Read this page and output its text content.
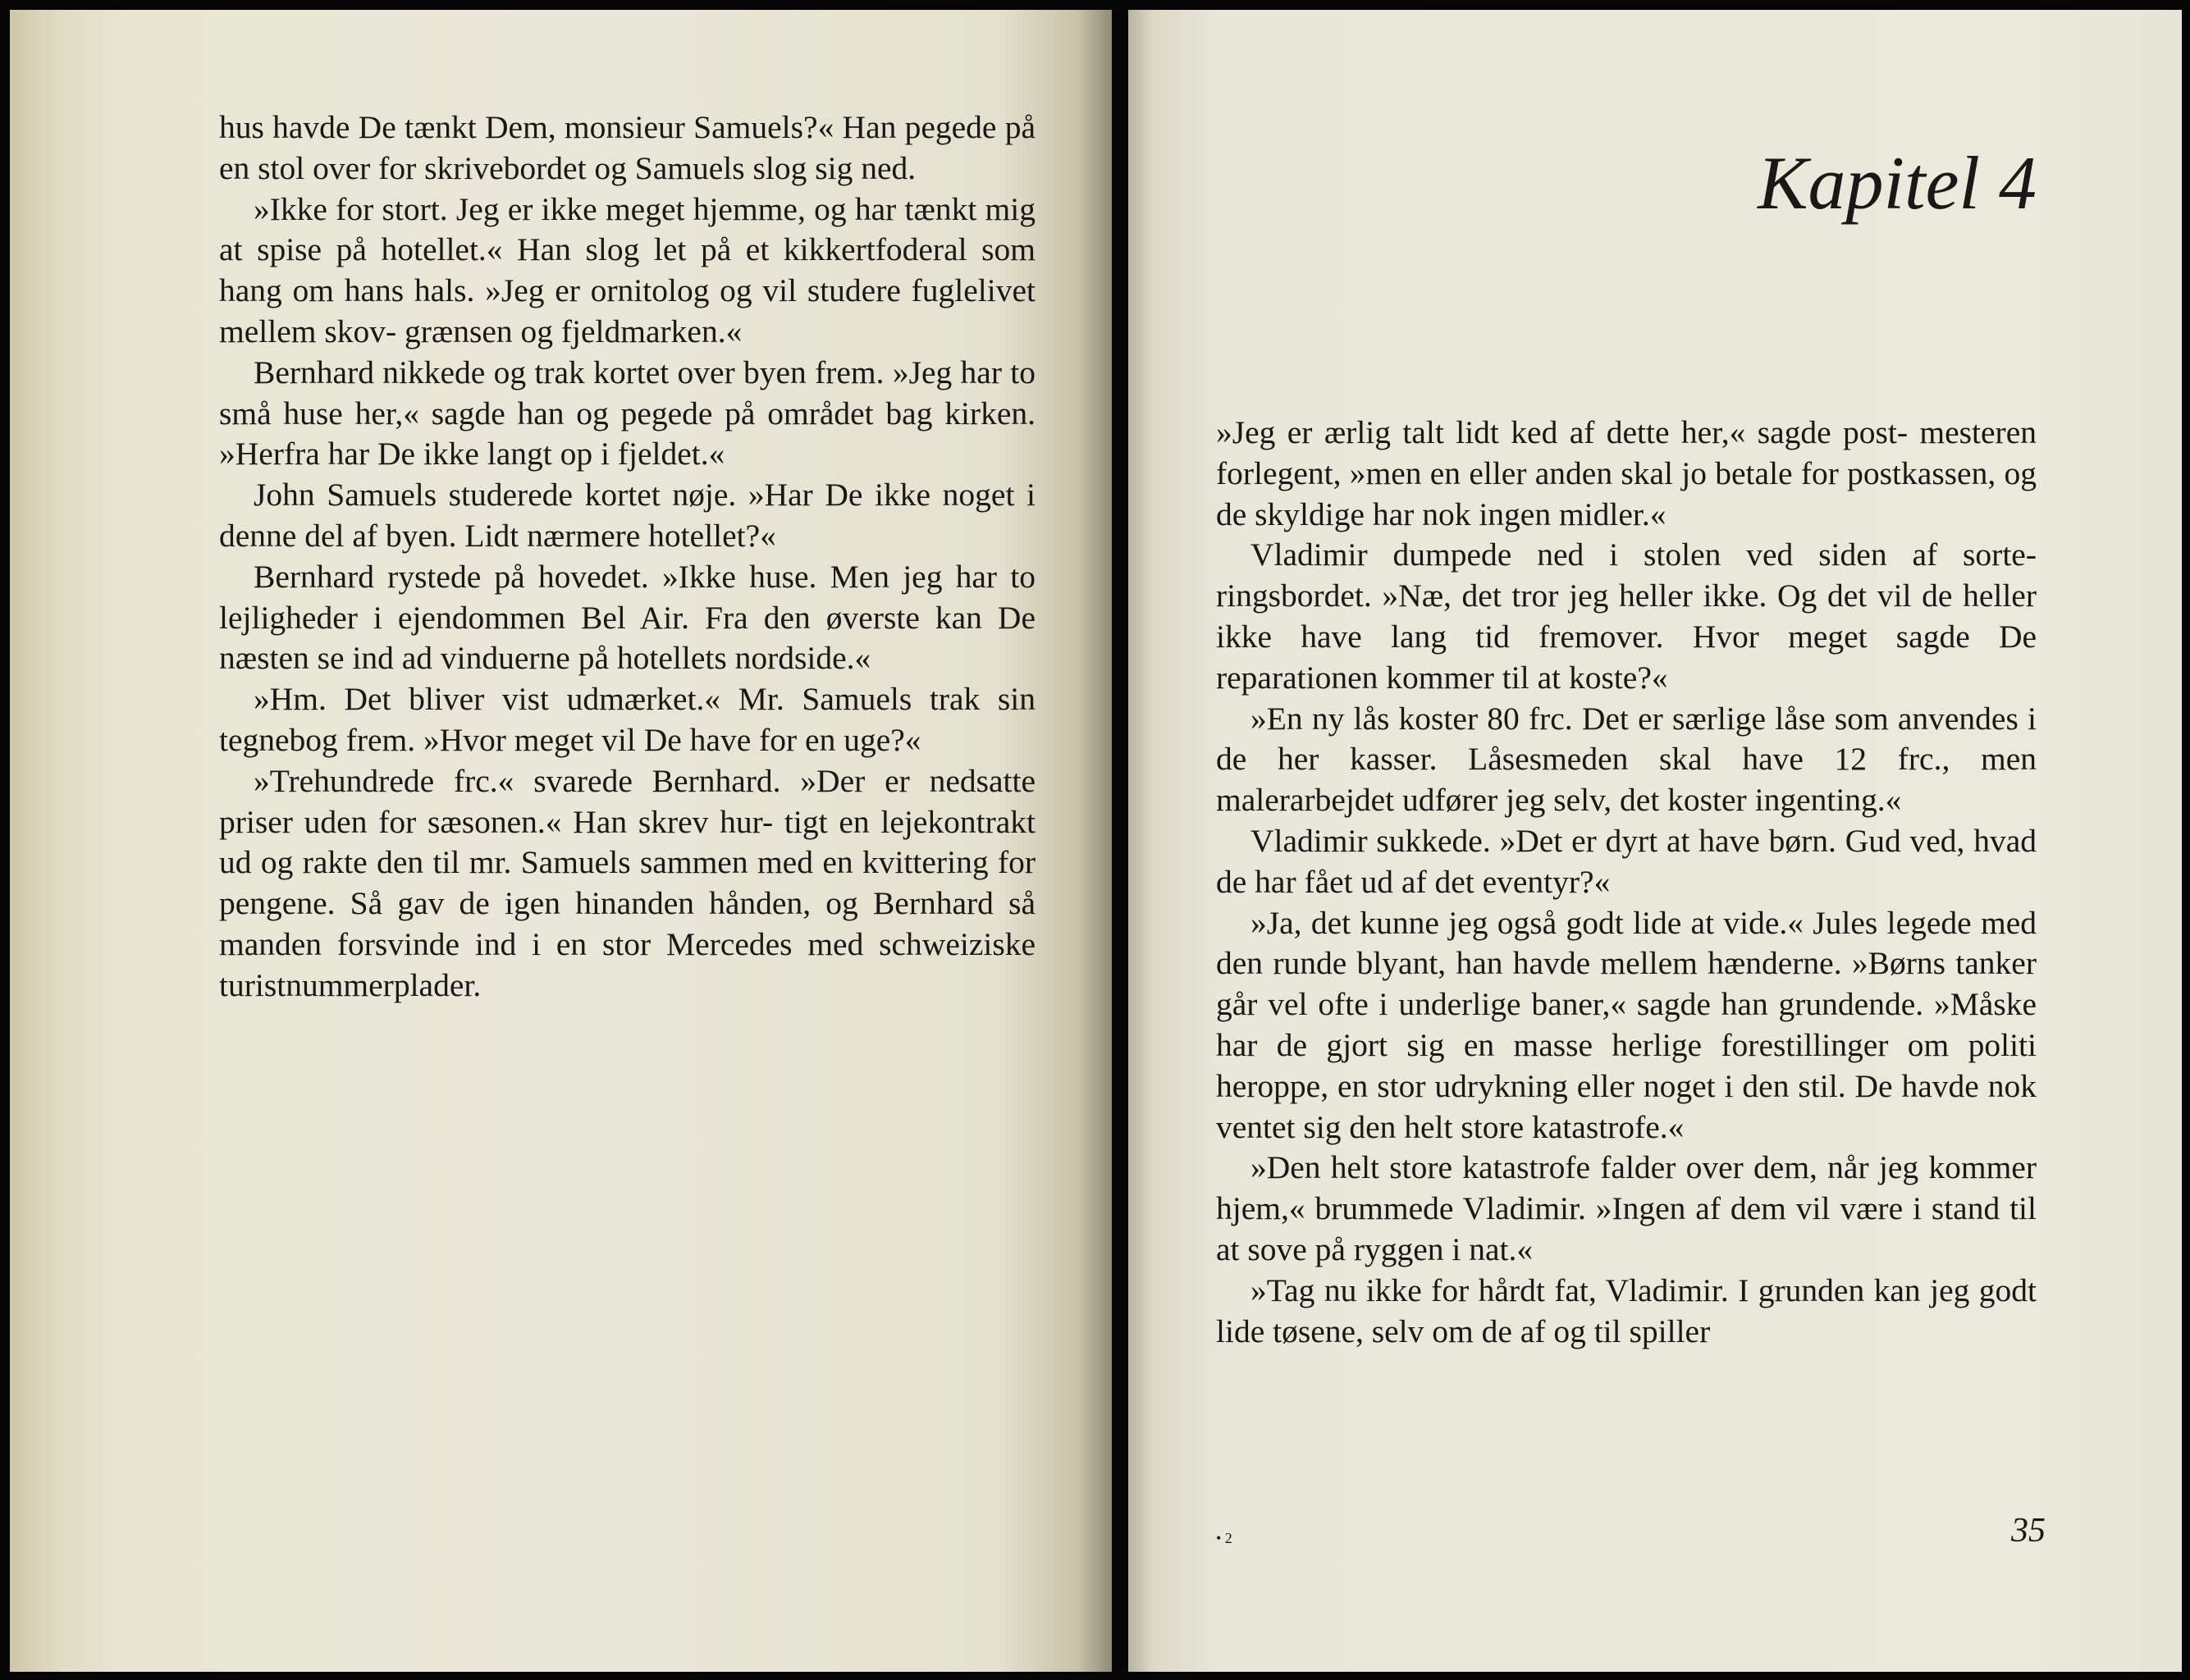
hus havde De tænkt Dem, monsieur Samuels?« Han pegede på en stol over for skrivebordet og Samuels slog sig ned.

»Ikke for stort. Jeg er ikke meget hjemme, og har tænkt mig at spise på hotellet.« Han slog let på et kikkertfoderal som hang om hans hals. »Jeg er ornitolog og vil studere fuglelivet mellem skov- grænsen og fjeldmarken.«

Bernhard nikkede og trak kortet over byen frem. »Jeg har to små huse her,« sagde han og pegede på området bag kirken. »Herfra har De ikke langt op i fjeldet.«

John Samuels studerede kortet nøje. »Har De ikke noget i denne del af byen. Lidt nærmere hotellet?«

Bernhard rystede på hovedet. »Ikke huse. Men jeg har to lejligheder i ejendommen Bel Air. Fra den øverste kan De næsten se ind ad vinduerne på hotellets nordside.«

»Hm. Det bliver vist udmærket.« Mr. Samuels trak sin tegnebog frem. »Hvor meget vil De have for en uge?«

»Trehundrede frc.« svarede Bernhard. »Der er nedsatte priser uden for sæsonen.« Han skrev hur- tigt en lejekontrakt ud og rakte den til mr. Samuels sammen med en kvittering for pengene. Så gav de igen hinanden hånden, og Bernhard så manden forsvinde ind i en stor Mercedes med schweiziske turistnummerplader.

Kapitel 4

»Jeg er ærlig talt lidt ked af dette her,« sagde post- mesteren forlegent, »men en eller anden skal jo betale for postkassen, og de skyldige har nok ingen midler.«

Vladimir dumpede ned i stolen ved siden af sorte- ringsbordet. »Næ, det tror jeg heller ikke. Og det vil de heller ikke have lang tid fremover. Hvor meget sagde De reparationen kommer til at koste?«

»En ny lås koster 80 frc. Det er særlige låse som anvendes i de her kasser. Låsesmeden skal have 12 frc., men malerarbejdet udfører jeg selv, det koster ingenting.«

Vladimir sukkede. »Det er dyrt at have børn. Gud ved, hvad de har fået ud af det eventyr?«

»Ja, det kunne jeg også godt lide at vide.« Jules legede med den runde blyant, han havde mellem hænderne. »Børns tanker går vel ofte i underlige baner,« sagde han grundende. »Måske har de gjort sig en masse herlige forestillinger om politi heroppe, en stor udrykning eller noget i den stil. De havde nok ventet sig den helt store katastrofe.«

»Den helt store katastrofe falder over dem, når jeg kommer hjem,« brummede Vladimir. »Ingen af dem vil være i stand til at sove på ryggen i nat.«

»Tag nu ikke for hårdt fat, Vladimir. I grunden kan jeg godt lide tøsene, selv om de af og til spiller

• 2	35
